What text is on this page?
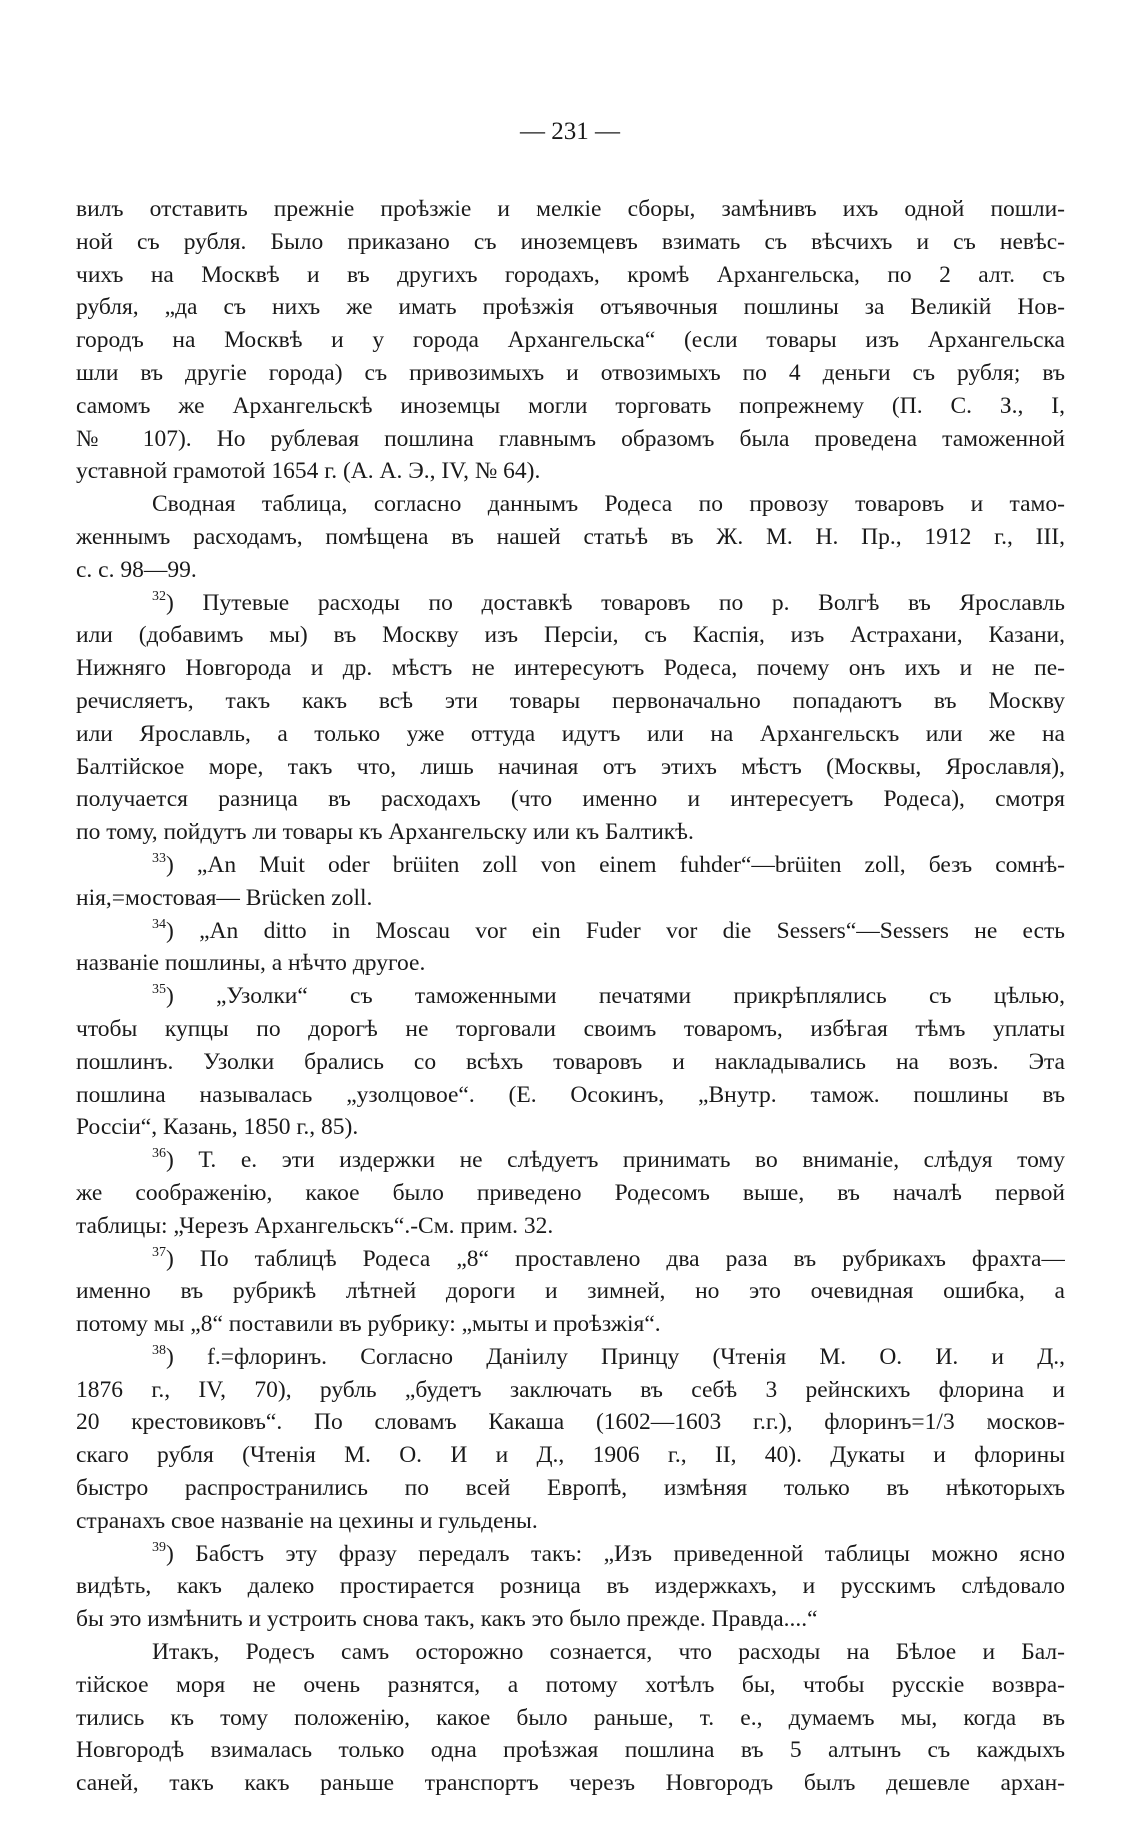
— 231 —
вилъ отставить прежніе проѣзжіе и мелкіе сборы, замѣнивъ ихъ одной пошли-
ной съ рубля. Было приказано съ иноземцевъ взимать съ вѣсчихъ и съ невѣс-
чихъ на Москвѣ и въ другихъ городахъ, кромѣ Архангельска, по 2 алт. съ
рубля, „да съ нихъ же имать проѣзжія отъявочныя пошлины за Великій Нов-
городъ на Москвѣ и у города Архангельска“ (если товары изъ Архангельска
шли въ другіе города) съ привозимыхъ и отвозимыхъ по 4 деньги съ рубля; въ
самомъ же Архангельскѣ иноземцы могли торговать попрежнему (П. С. З., I,
№ 107). Но рублевая пошлина главнымъ образомъ была проведена таможенной
уставной грамотой 1654 г. (А. А. Э., IV, № 64).
Сводная таблица, согласно даннымъ Родеса по провозу товаровъ и тамо-
женнымъ расходамъ, помѣщена въ нашей статьѣ въ Ж. М. Н. Пр., 1912 г., III,
с. с. 98—99.
$^{32}$) Путевые расходы по доставкѣ товаровъ по р. Волгѣ въ Ярославль
или (добавимъ мы) въ Москву изъ Персіи, съ Каспія, изъ Астрахани, Казани,
Нижняго Новгорода и др. мѣстъ не интересуютъ Родеса, почему онъ ихъ и не пе-
речисляетъ, такъ какъ всѣ эти товары первоначально попадаютъ въ Москву
или Ярославль, а только уже оттуда идутъ или на Архангельскъ или же на
Балтійское море, такъ что, лишь начиная отъ этихъ мѣстъ (Москвы, Ярославля),
получается разница въ расходахъ (что именно и интересуетъ Родеса), смотря
по тому, пойдутъ ли товары къ Архангельску или къ Балтикѣ.
$^{33}$) „An Muit oder brüiten zoll von einem fuhder“—brüiten zoll, безъ сомнѣ-
нія,=мостовая— Brücken zoll.
$^{34}$) „An ditto in Moscau vor ein Fuder vor die Sessers“—Sessers не есть
названіе пошлины, а нѣчто другое.
$^{35}$) „Узолки“ съ таможенными печатями прикрѣплялись съ цѣлью,
чтобы купцы по дорогѣ не торговали своимъ товаромъ, избѣгая тѣмъ уплаты
пошлинъ. Узолки брались со всѣхъ товаровъ и накладывались на возъ. Эта
пошлина называлась „узолцовое“. (Е. Осокинъ, „Внутр. тамож. пошлины въ
Россіи“, Казань, 1850 г., 85).
$^{36}$) Т. е. эти издержки не слѣдуетъ принимать во вниманіе, слѣдуя тому
же соображенію, какое было приведено Родесомъ выше, въ началѣ первой
таблицы: „Черезъ Архангельскъ“.-См. прим. 32.
$^{37}$) По таблицѣ Родеса „8“ проставлено два раза въ рубрикахъ фрахта—
именно въ рубрикѣ лѣтней дороги и зимней, но это очевидная ошибка, а
потому мы „8“ поставили въ рубрику: „мыты и проѣзжія“.
$^{38}$) f.=флоринъ. Согласно Даніилу Принцу (Чтенія М. О. И. и Д.,
1876 г., IV, 70), рубль „будетъ заключать въ себѣ 3 рейнскихъ флорина и
20 крестовиковъ“. По словамъ Какаша (1602—1603 г.г.), флоринъ=1/3 москов-
скаго рубля (Чтенія М. О. И и Д., 1906 г., II, 40). Дукаты и флорины
быстро распространились по всей Европѣ, измѣняя только въ нѣкоторыхъ
странахъ свое названіе на цехины и гульдены.
$^{39}$) Бабстъ эту фразу передалъ такъ: „Изъ приведенной таблицы можно ясно
видѣть, какъ далеко простирается розница въ издержкахъ, и русскимъ слѣдовало
бы это измѣнить и устроить снова такъ, какъ это было прежде. Правда....“
Итакъ, Родесъ самъ осторожно сознается, что расходы на Бѣлое и Бал-
тійское моря не очень разнятся, а потому хотѣлъ бы, чтобы русскіе возвра-
тились къ тому положенію, какое было раньше, т. е., думаемъ мы, когда въ
Новгородѣ взималась только одна проѣзжая пошлина въ 5 алтынъ съ каждыхъ
саней, такъ какъ раньше транспортъ черезъ Новгородъ былъ дешевле архан-
